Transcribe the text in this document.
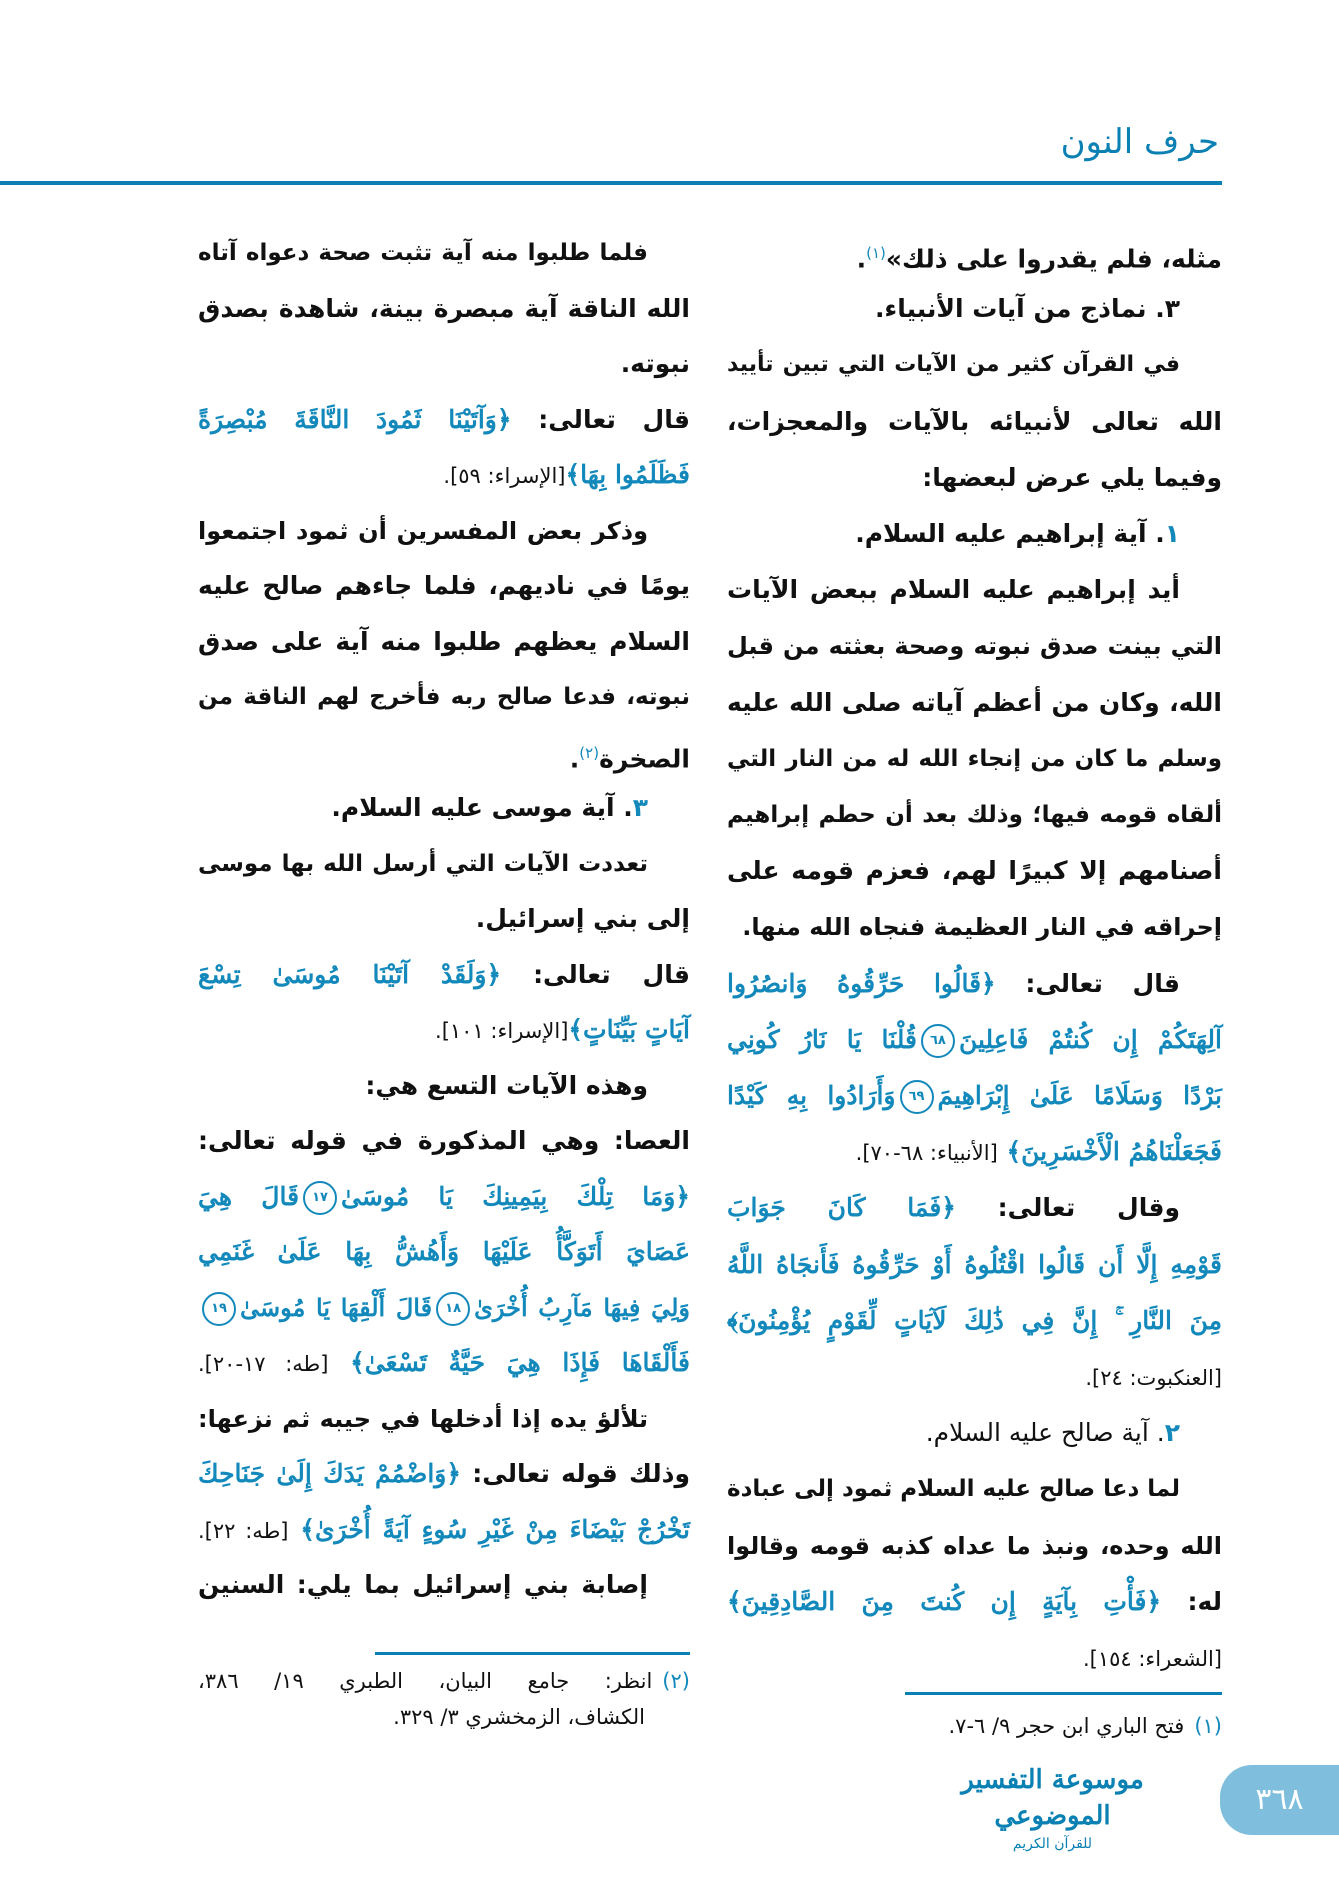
حرف النون
مثله، فلم يقدروا على ذلك»$^{(١)}$.
٣. نماذج من آيات الأنبياء.
في القرآن كثير من الآيات التي تبين تأييد
الله تعالى لأنبيائه بالآيات والمعجزات،
وفيما يلي عرض لبعضها:
١. آية إبراهيم عليه السلام.
أيد إبراهيم عليه السلام ببعض الآيات
التي بينت صدق نبوته وصحة بعثته من قبل
الله، وكان من أعظم آياته صلى الله عليه
وسلم ما كان من إنجاء الله له من النار التي
ألقاه قومه فيها؛ وذلك بعد أن حطم إبراهيم
أصنامهم إلا كبيرًا لهم، فعزم قومه على
إحراقه في النار العظيمة فنجاه الله منها.
قال تعالى: ﴿قَالُوا حَرِّقُوهُ وَانصُرُوا
آلِهَتَكُمْ إِن كُنتُمْ فَاعِلِينَ٦٨قُلْنَا يَا نَارُ كُونِي
بَرْدًا وَسَلَامًا عَلَىٰ إِبْرَاهِيمَ٦٩وَأَرَادُوا بِهِ كَيْدًا
فَجَعَلْنَاهُمُ الْأَخْسَرِينَ﴾ [الأنبياء: ٦٨-٧٠].
وقال تعالى: ﴿فَمَا كَانَ جَوَابَ
قَوْمِهِ إِلَّا أَن قَالُوا اقْتُلُوهُ أَوْ حَرِّقُوهُ فَأَنجَاهُ اللَّهُ
مِنَ النَّارِ ۚ إِنَّ فِي ذَٰلِكَ لَآيَاتٍ لِّقَوْمٍ يُؤْمِنُونَ﴾
[العنكبوت: ٢٤].
٢. آية صالح عليه السلام.
لما دعا صالح عليه السلام ثمود إلى عبادة
الله وحده، ونبذ ما عداه كذبه قومه وقالوا
له: ﴿فَأْتِ بِآيَةٍ إِن كُنتَ مِنَ الصَّادِقِينَ﴾
[الشعراء: ١٥٤].
فلما طلبوا منه آية تثبت صحة دعواه آتاه
الله الناقة آية مبصرة بينة، شاهدة بصدق
نبوته.
قال تعالى: ﴿وَآتَيْنَا ثَمُودَ النَّاقَةَ مُبْصِرَةً
فَظَلَمُوا بِهَا﴾[الإسراء: ٥٩].
وذكر بعض المفسرين أن ثمود اجتمعوا
يومًا في ناديهم، فلما جاءهم صالح عليه
السلام يعظهم طلبوا منه آية على صدق
نبوته، فدعا صالح ربه فأخرج لهم الناقة من
الصخرة$^{(٢)}$.
٣. آية موسى عليه السلام.
تعددت الآيات التي أرسل الله بها موسى
إلى بني إسرائيل.
قال تعالى: ﴿وَلَقَدْ آتَيْنَا مُوسَىٰ تِسْعَ
آيَاتٍ بَيِّنَاتٍ﴾[الإسراء: ١٠١].
وهذه الآيات التسع هي:
العصا: وهي المذكورة في قوله تعالى:
﴿وَمَا تِلْكَ بِيَمِينِكَ يَا مُوسَىٰ١٧قَالَ هِيَ
عَصَايَ أَتَوَكَّأُ عَلَيْهَا وَأَهُشُّ بِهَا عَلَىٰ غَنَمِي
وَلِيَ فِيهَا مَآرِبُ أُخْرَىٰ١٨قَالَ أَلْقِهَا يَا مُوسَىٰ١٩
فَأَلْقَاهَا فَإِذَا هِيَ حَيَّةٌ تَسْعَىٰ﴾ [طه: ١٧-٢٠].
تلألؤ يده إذا أدخلها في جيبه ثم نزعها:
وذلك قوله تعالى: ﴿وَاضْمُمْ يَدَكَ إِلَىٰ جَنَاحِكَ
تَخْرُجْ بَيْضَاءَ مِنْ غَيْرِ سُوءٍ آيَةً أُخْرَىٰ﴾ [طه: ٢٢].
إصابة بني إسرائيل بما يلي: السنين
(١)فتح الباري ابن حجر ٩/ ٦-٧.
(٢)انظر: جامع البيان، الطبري ١٩/ ٣٨٦،
الكشاف، الزمخشري ٣/ ٣٢٩.
موسوعة التفسير الموضوعي
للقرآن الكريم
٣٦٨
